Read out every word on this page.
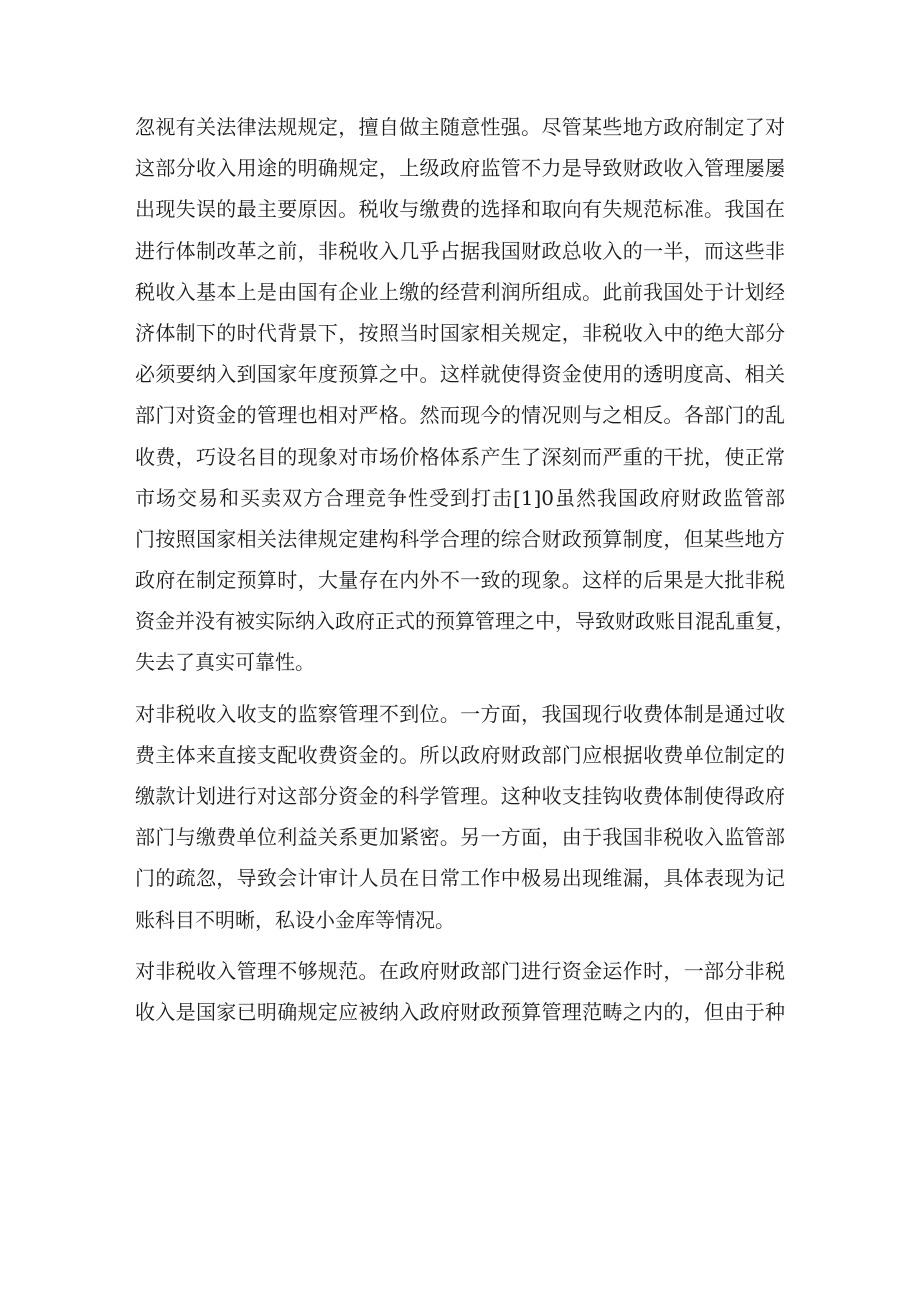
忽视有关法律法规规定，擅自做主随意性强。尽管某些地方政府制定了对
这部分收入用途的明确规定，上级政府监管不力是导致财政收入管理屡屡
出现失误的最主要原因。税收与缴费的选择和取向有失规范标准。我国在
进行体制改革之前，非税收入几乎占据我国财政总收入的一半，而这些非
税收入基本上是由国有企业上缴的经营利润所组成。此前我国处于计划经
济体制下的时代背景下，按照当时国家相关规定，非税收入中的绝大部分
必须要纳入到国家年度预算之中。这样就使得资金使用的透明度高、相关
部门对资金的管理也相对严格。然而现今的情况则与之相反。各部门的乱
收费，巧设名目的现象对市场价格体系产生了深刻而严重的干扰，使正常
市场交易和买卖双方合理竞争性受到打击[1]0虽然我国政府财政监管部
门按照国家相关法律规定建构科学合理的综合财政预算制度，但某些地方
政府在制定预算时，大量存在内外不一致的现象。这样的后果是大批非税
资金并没有被实际纳入政府正式的预算管理之中，导致财政账目混乱重复，
失去了真实可靠性。
对非税收入收支的监察管理不到位。一方面，我国现行收费体制是通过收
费主体来直接支配收费资金的。所以政府财政部门应根据收费单位制定的
缴款计划进行对这部分资金的科学管理。这种收支挂钩收费体制使得政府
部门与缴费单位利益关系更加紧密。另一方面，由于我国非税收入监管部
门的疏忽，导致会计审计人员在日常工作中极易出现维漏，具体表现为记
账科目不明晰，私设小金库等情况。
对非税收入管理不够规范。在政府财政部门进行资金运作时，一部分非税
收入是国家已明确规定应被纳入政府财政预算管理范畴之内的，但由于种
